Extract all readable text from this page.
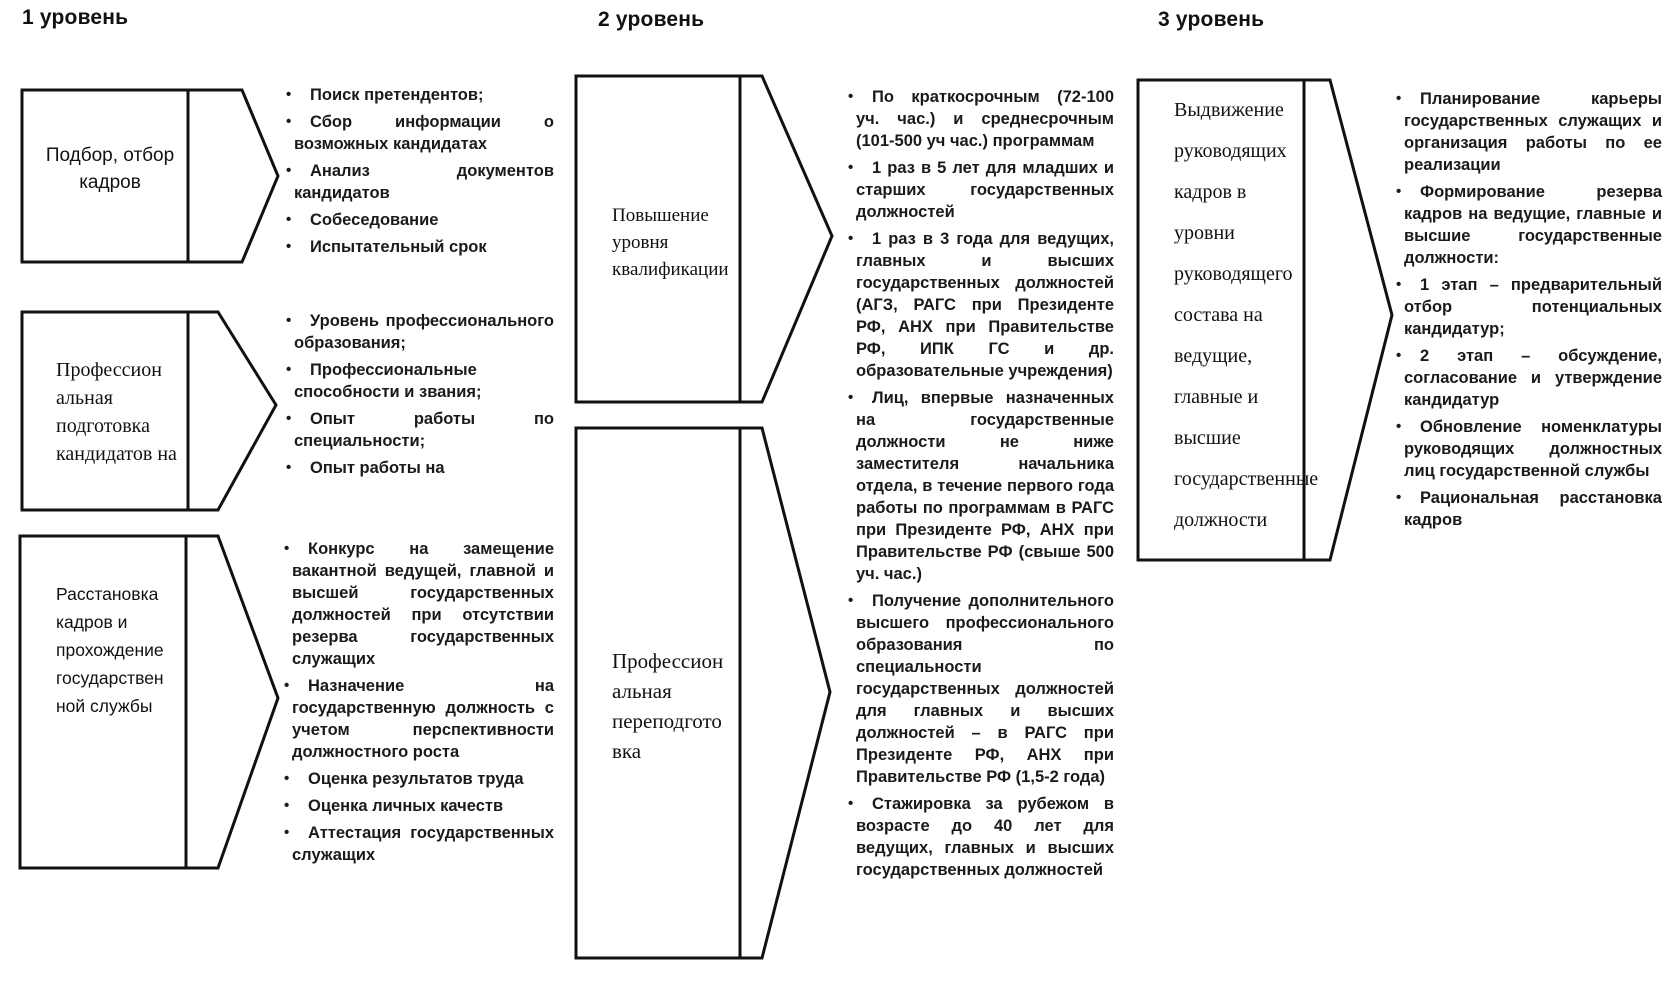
1 уровень	2 уровень	3 уровень
Подбор, отбор кадров
Профессион альная подготовка кандидатов на
Расстановка кадров и прохождение государствен ной службы
• Поиск претендентов;
• Сбор информации о возможных кандидатах
• Анализ документов кандидатов
• Собеседование
• Испытательный срок
• Уровень профессионального образования;
• Профессиональные способности и звания;
• Опыт работы по специальности;
• Опыт работы на
• Конкурс на замещение вакантной ведущей, главной и высшей государственных должностей при отсутствии резерва государственных служащих
• Назначение на государственную должность с учетом перспективности должностного роста
• Оценка результатов труда
• Оценка личных качеств
• Аттестация государственных служащих
Повышение уровня квалификации
Профессион альная переподгото вка
• По краткосрочным (72-100 уч. час.) и среднесрочным (101-500 уч час.) программам
• 1 раз в 5 лет для младших и старших государственных должностей
• 1 раз в 3 года для ведущих, главных и высших государственных должностей (АГЗ, РАГС при Президенте РФ, АНХ при Правительстве РФ, ИПК ГС и др. образовательные учреждения)
• Лиц, впервые назначенных на государственные должности не ниже заместителя начальника отдела, в течение первого года работы по программам в РАГС при Президенте РФ, АНХ при Правительстве РФ (свыше 500 уч. час.)
• Получение дополнительного высшего профессионального образования по специальности государственных должностей для главных и высших должностей – в РАГС при Президенте РФ, АНХ при Правительстве РФ (1,5-2 года)
• Стажировка за рубежом в возрасте до 40 лет для ведущих, главных и высших государственных должностей
Выдвижение руководящих кадров в уровни руководящего состава на ведущие, главные и высшие государственные должности
• Планирование карьеры государственных служащих и организация работы по ее реализации
• Формирование резерва кадров на ведущие, главные и высшие государственные должности:
• 1 этап – предварительный отбор потенциальных кандидатур;
• 2 этап – обсуждение, согласование и утверждение кандидатур
• Обновление номенклатуры руководящих должностных лиц государственной службы
• Рациональная расстановка кадров
